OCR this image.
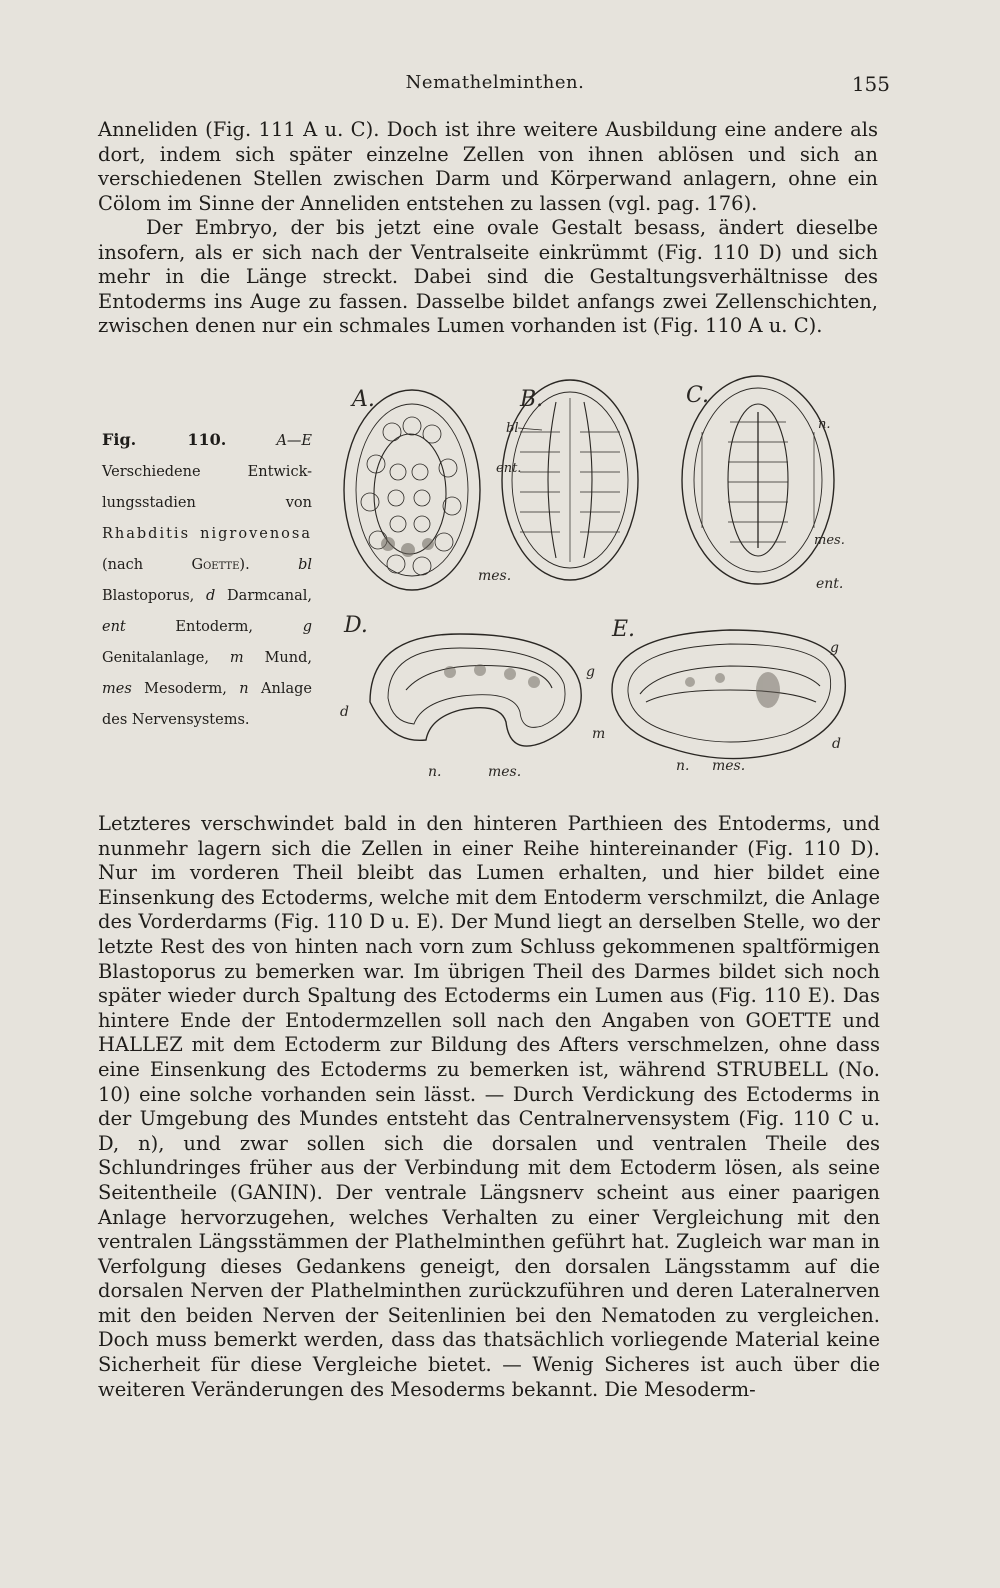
Nemathelminthen.	155

Anneliden (Fig. 111 A u. C). Doch ist ihre weitere Ausbildung eine andere als dort, indem sich später einzelne Zellen von ihnen ablösen und sich an verschiedenen Stellen zwischen Darm und Körperwand anlagern, ohne ein Cölom im Sinne der Anneliden entstehen zu lassen (vgl. pag. 176).

Der Embryo, der bis jetzt eine ovale Gestalt besass, ändert dieselbe insofern, als er sich nach der Ventralseite einkrümmt (Fig. 110 D) und sich mehr in die Länge streckt. Dabei sind die Gestaltungsverhältnisse des Entoderms ins Auge zu fassen. Dasselbe bildet anfangs zwei Zellenschichten, zwischen denen nur ein schmales Lumen vorhanden ist (Fig. 110 A u. C).

Fig. 110.	A—E Verschiedene Entwick-lungsstadien von Rhabditis nigrovenosa (nach Goette).	bl Blastoporus, d Darmcanal, ent Entoderm, g Genitalanlage, m Mund, mes Mesoderm, n Anlage des Nervensystems.
A.	B.
bl
ent.
mes.
C.
n.
mes.
ent.
D.
d
g
n.	mes.
E.
g
m
d
n. mes.

Letzteres verschwindet bald in den hinteren Parthieen des Entoderms, und nunmehr lagern sich die Zellen in einer Reihe hintereinander (Fig. 110 D). Nur im vorderen Theil bleibt das Lumen erhalten, und hier bildet eine Einsenkung des Ectoderms, welche mit dem Entoderm verschmilzt, die Anlage des Vorderdarms (Fig. 110 D u. E). Der Mund liegt an derselben Stelle, wo der letzte Rest des von hinten nach vorn zum Schluss gekommenen spaltförmigen Blastoporus zu bemerken war. Im übrigen Theil des Darmes bildet sich noch später wieder durch Spaltung des Ectoderms ein Lumen aus (Fig. 110 E). Das hintere Ende der Entodermzellen soll nach den Angaben von GOETTE und HALLEZ mit dem Ectoderm zur Bildung des Afters verschmelzen, ohne dass eine Einsenkung des Ectoderms zu bemerken ist, während STRUBELL (No. 10) eine solche vorhanden sein lässt. — Durch Verdickung des Ectoderms in der Umgebung des Mundes entsteht das Centralnervensystem (Fig. 110 C u. D, n), und zwar sollen sich die dorsalen und ventralen Theile des Schlundringes früher aus der Verbindung mit dem Ectoderm lösen, als seine Seitentheile (GANIN). Der ventrale Längsnerv scheint aus einer paarigen Anlage hervorzugehen, welches Verhalten zu einer Vergleichung mit den ventralen Längsstämmen der Plathelminthen geführt hat. Zugleich war man in Verfolgung dieses Gedankens geneigt, den dorsalen Längsstamm auf die dorsalen Nerven der Plathelminthen zurückzuführen und deren Lateralnerven mit den beiden Nerven der Seitenlinien bei den Nematoden zu vergleichen. Doch muss bemerkt werden, dass das thatsächlich vorliegende Material keine Sicherheit für diese Vergleiche bietet. — Wenig Sicheres ist auch über die weiteren Veränderungen des Mesoderms bekannt. Die Mesoderm-
